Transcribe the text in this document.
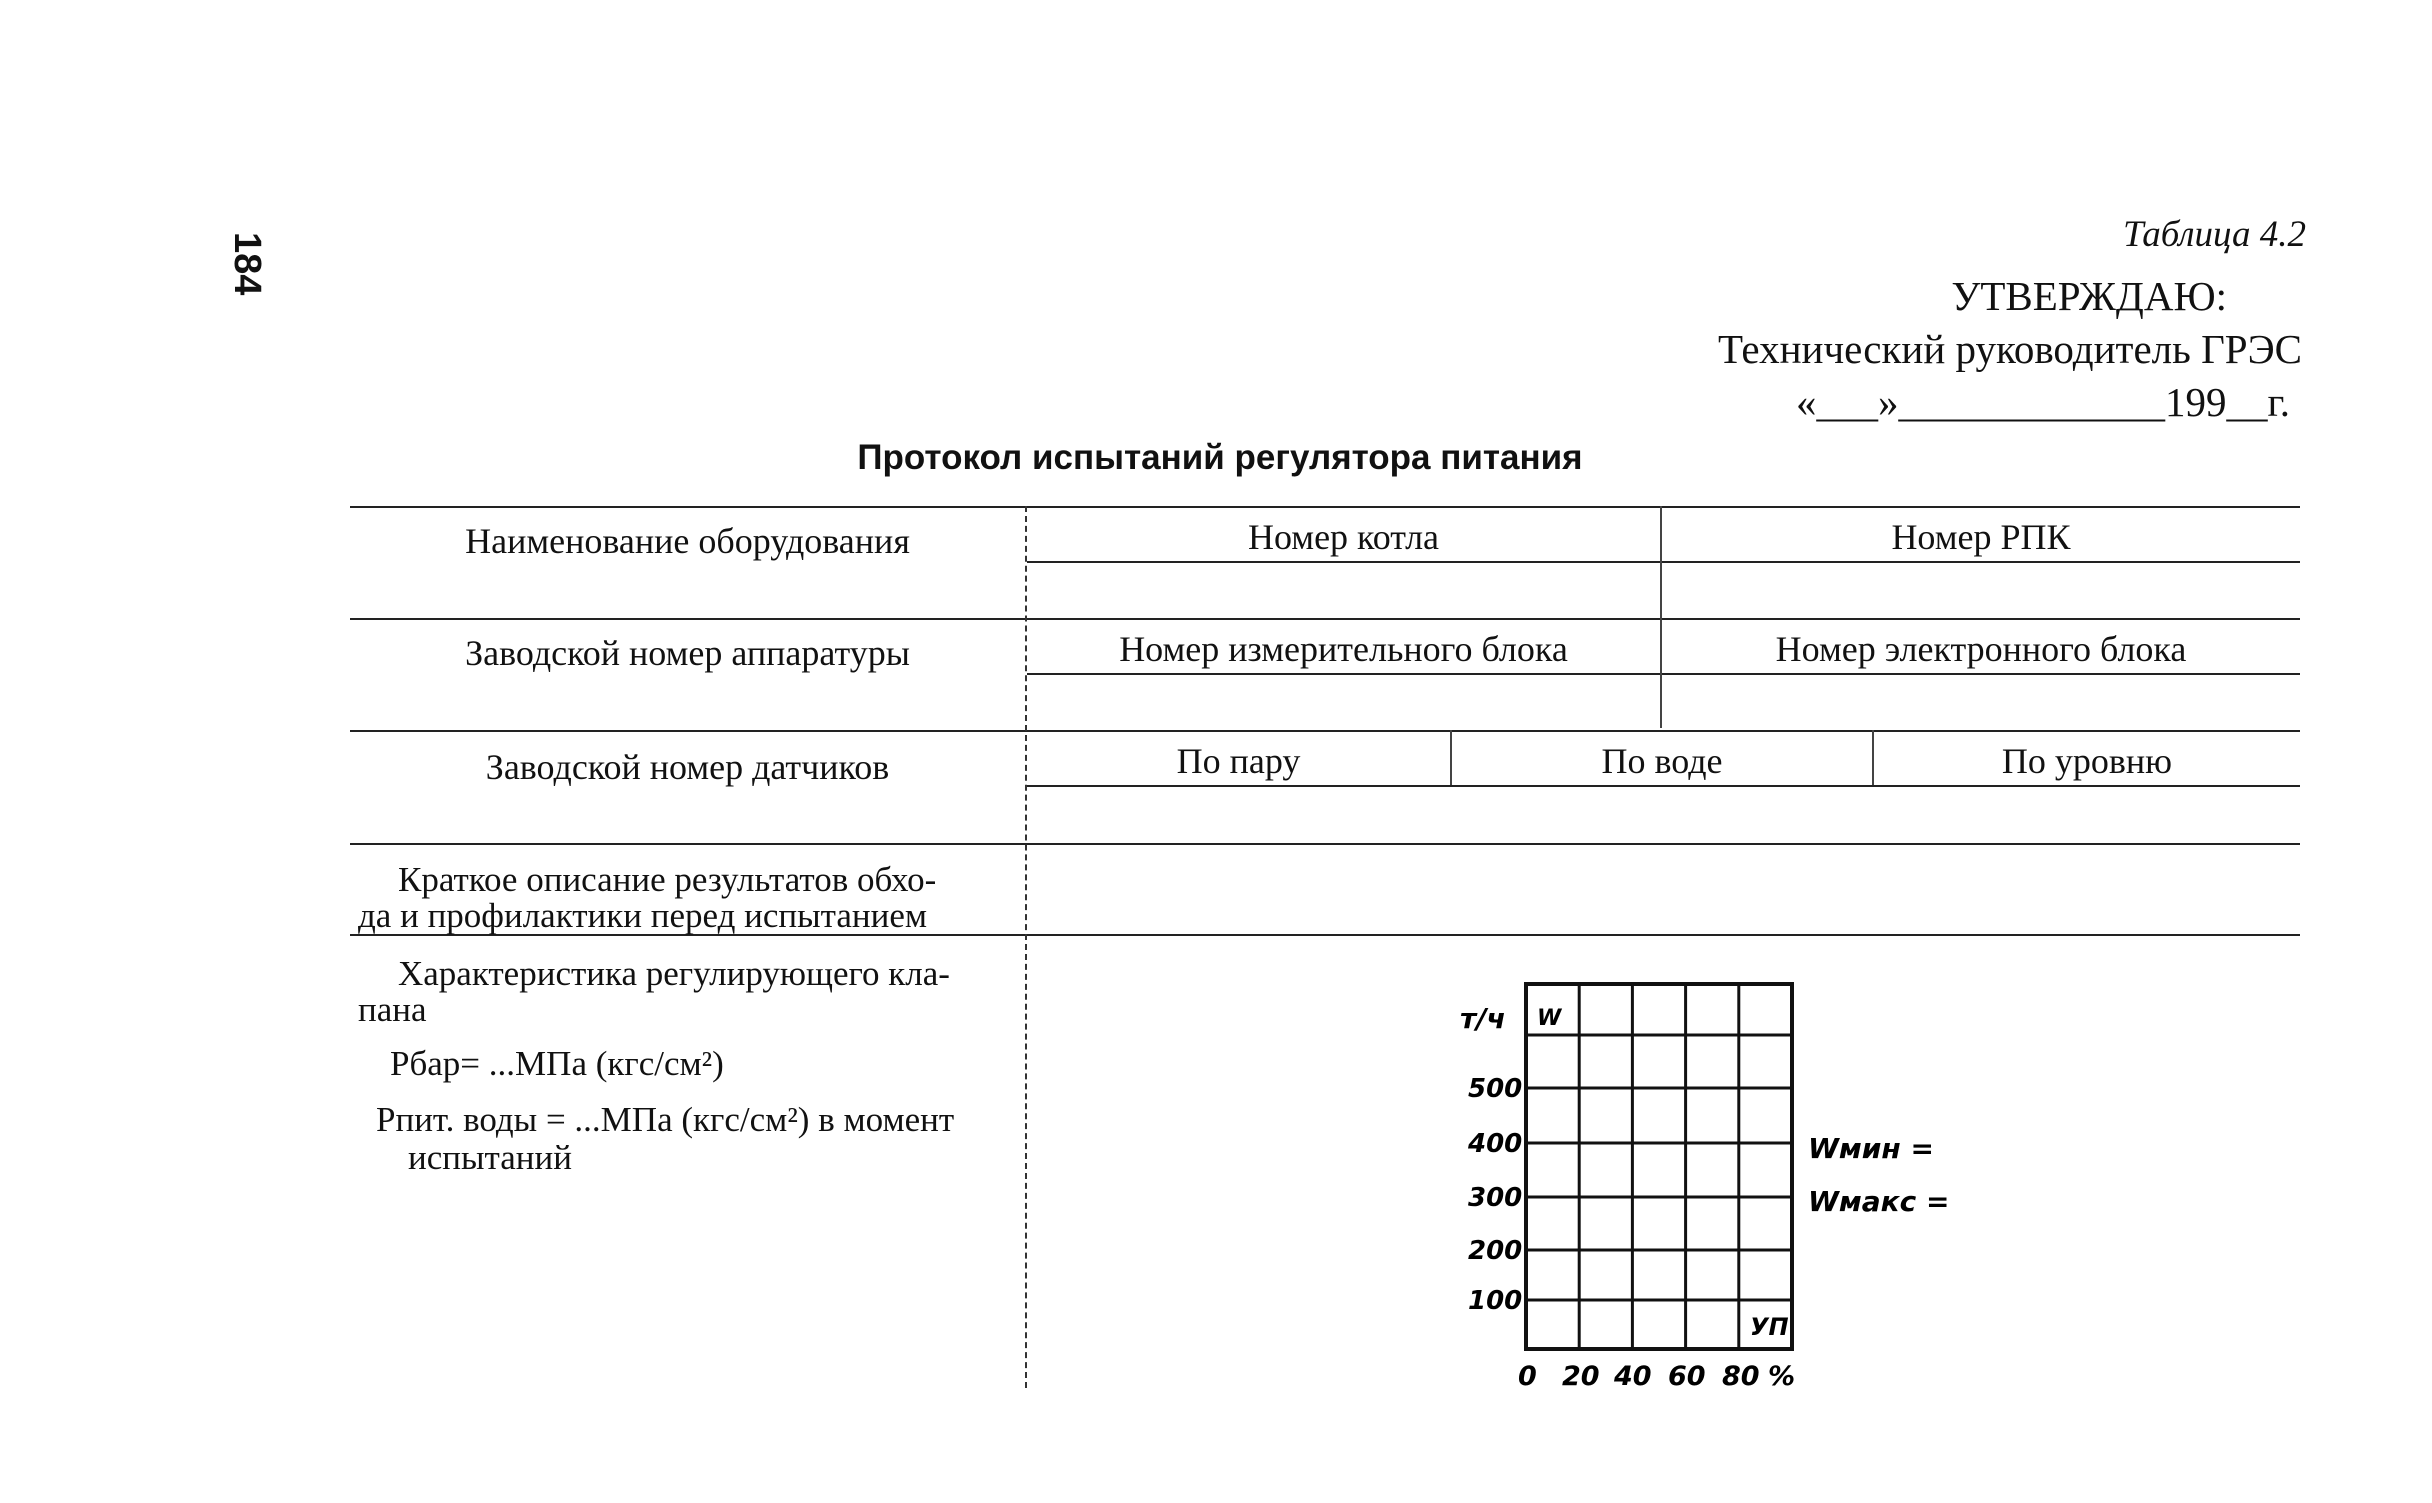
184	Таблица 4.2
УТВЕРЖДАЮ:
Технический руководитель ГРЭС
«___»_____________199__г.
Протокол испытаний регулятора питания
Наименование оборудования	Номер котла	Номер РПК
Заводской номер аппаратуры	Номер измерительного блока	Номер электронного блока
Заводской номер датчиков	По пару	По воде	По уровню
Краткое описание результатов обхо-
да и профилактики перед испытанием
Характеристика регулирующего кла-
пана
Рбар= ...МПа (кгс/см²)
Рпит. воды = ...МПа (кгс/см²) в момент
испытаний
т/ч W
УП
Wмин =
Wмакс =
500
400
300
200
100
0 20 40 60 80 %
